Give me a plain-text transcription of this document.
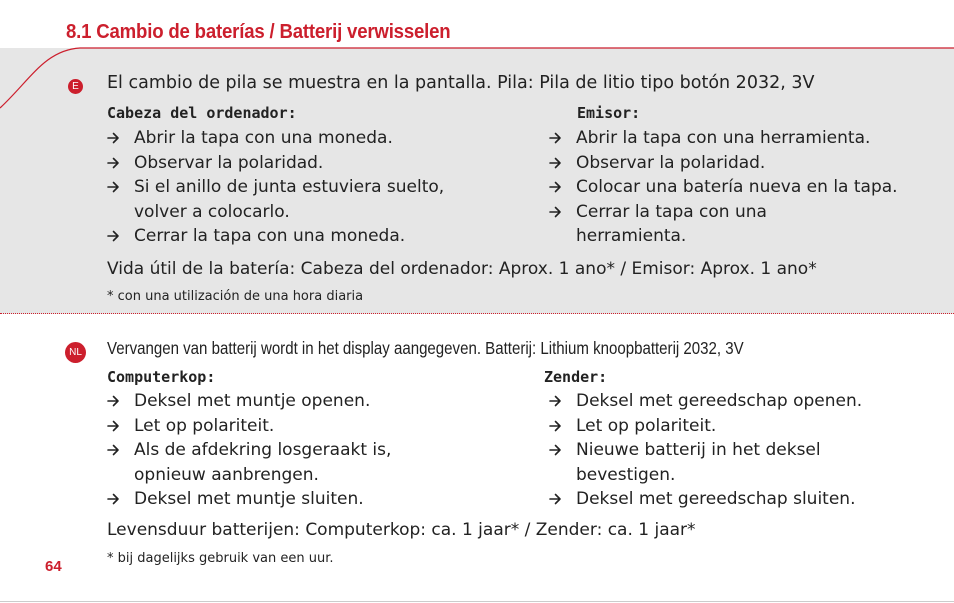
8.1 Cambio de baterías / Batterij verwisselen
E El cambio de pila se muestra en la pantalla. Pila: Pila de litio tipo botón 2032, 3V
Cabeza del ordenador:	Emisor:
Abrir la tapa con una moneda.
Observar la polaridad.
Si el anillo de junta estuviera suelto,
volver a colocarlo.
Cerrar la tapa con una moneda.
Abrir la tapa con una herramienta.
Observar la polaridad.
Colocar una batería nueva en la tapa.
Cerrar la tapa con una
herramienta.
Vida útil de la batería: Cabeza del ordenador: Aprox. 1 ano* / Emisor: Aprox. 1 ano*
* con una utilización de una hora diaria
NL Vervangen van batterij wordt in het display aangegeven. Batterij: Lithium knoopbatterij 2032, 3V
Computerkop:	Zender:
Deksel met muntje openen.
Let op polariteit.
Als de afdekring losgeraakt is,
opnieuw aanbrengen.
Deksel met muntje sluiten.
Deksel met gereedschap openen.
Let op polariteit.
Nieuwe batterij in het deksel
bevestigen.
Deksel met gereedschap sluiten.
Levensduur batterijen: Computerkop: ca. 1 jaar* / Zender: ca. 1 jaar*
* bij dagelijks gebruik van een uur.
64
